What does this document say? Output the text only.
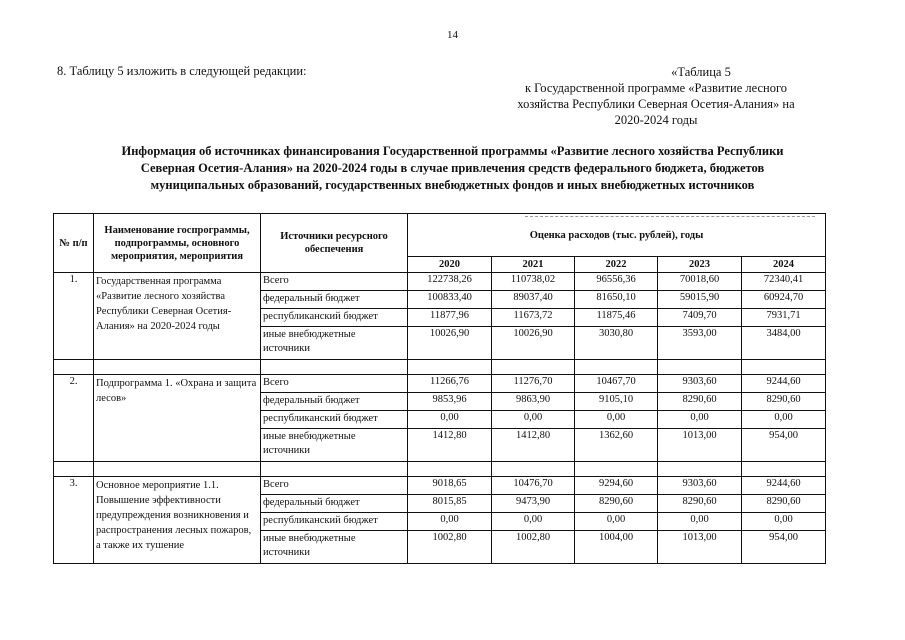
14
8. Таблицу 5 изложить в следующей редакции:	«Таблица 5
к Государственной программе «Развитие лесного
хозяйства Республики Северная Осетия-Алания» на
2020-2024 годы
Информация об источниках финансирования Государственной программы «Развитие лесного хозяйства Республики
Северная Осетия-Алания» на 2020-2024 годы в случае привлечения средств федерального бюджета, бюджетов
муниципальных образований, государственных внебюджетных фондов и иных внебюджетных источников
№ п/п	Наименование госпрограммы, подпрограммы, основного мероприятия, мероприятия	Источники ресурсного обеспечения	Оценка расходов (тыс. рублей), годы				
			2020	2021	2022	2023	2024
1.	Государственная программа «Развитие лесного хозяйства Республики Северная Осетия-Алания» на 2020-2024 годы	Всего	122738,26	110738,02	96556,36	70018,60	72340,41
		федеральный бюджет	100833,40	89037,40	81650,10	59015,90	60924,70
		республиканский бюджет	11877,96	11673,72	11875,46	7409,70	7931,71
		иные внебюджетные источники	10026,90	10026,90	3030,80	3593,00	3484,00

2.	Подпрограмма 1. «Охрана и защита лесов»	Всего	11266,76	11276,70	10467,70	9303,60	9244,60
		федеральный бюджет	9853,96	9863,90	9105,10	8290,60	8290,60
		республиканский бюджет	0,00	0,00	0,00	0,00	0,00
		иные внебюджетные источники	1412,80	1412,80	1362,60	1013,00	954,00

3.	Основное мероприятие 1.1. Повышение эффективности предупреждения возникновения и распространения лесных пожаров, а также их тушение	Всего	9018,65	10476,70	9294,60	9303,60	9244,60
		федеральный бюджет	8015,85	9473,90	8290,60	8290,60	8290,60
		республиканский бюджет	0,00	0,00	0,00	0,00	0,00
		иные внебюджетные источники	1002,80	1002,80	1004,00	1013,00	954,00
